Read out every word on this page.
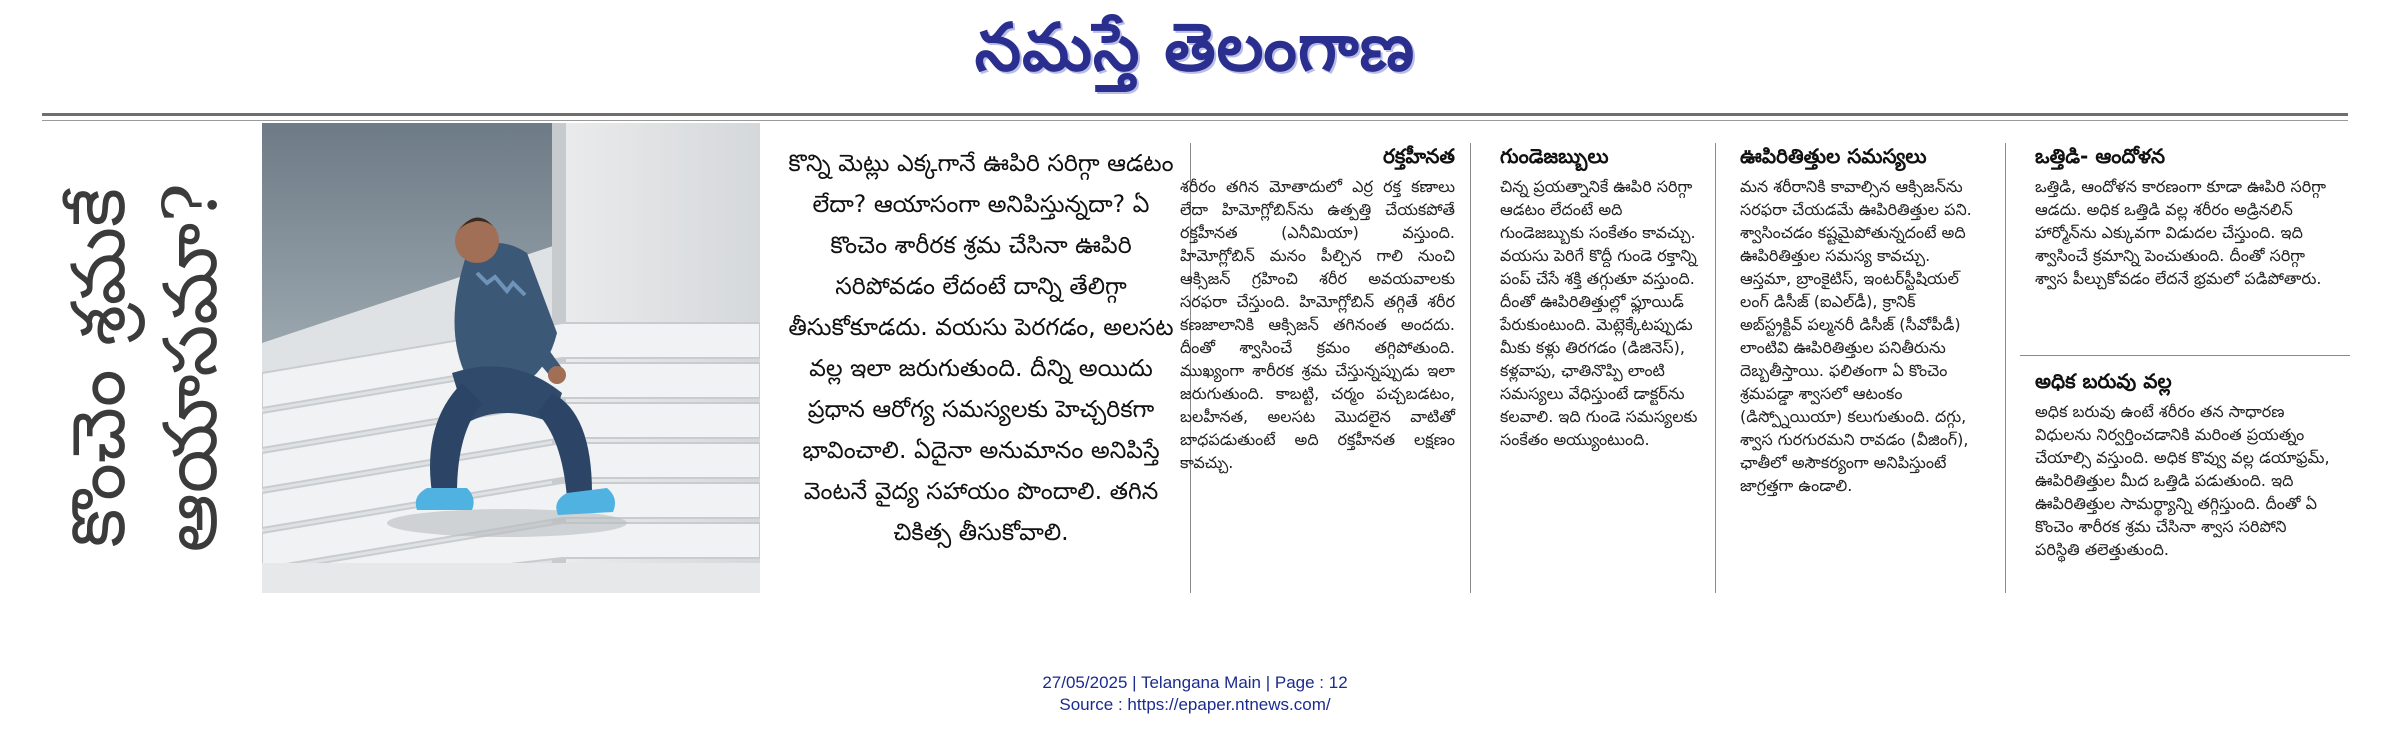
నమస్తే తెలంగాణ
కొంచెం శ్రమకే
ఆయాసమా?
కొన్ని మెట్లు ఎక్కగానే ఊపిరి సరిగ్గా ఆడటం లేదా? ఆయాసంగా అనిపిస్తున్నదా? ఏ కొంచెం శారీరక శ్రమ చేసినా ఊపిరి సరిపోవడం లేదంటే దాన్ని తేలిగ్గా తీసుకోకూడదు. వయసు పెరగడం, అలసట వల్ల ఇలా జరుగుతుంది. దీన్ని అయిదు ప్రధాన ఆరోగ్య సమస్యలకు హెచ్చరికగా భావించాలి. ఏదైనా అనుమానం అనిపిస్తే వెంటనే వైద్య సహాయం పొందాలి. తగిన చికిత్స తీసుకోవాలి.
రక్తహీనత

శరీరం తగిన మోతాదులో ఎర్ర రక్త కణాలు లేదా హిమోగ్లోబిన్‌ను ఉత్పత్తి చేయకపోతే రక్తహీనత (ఎనీమియా) వస్తుంది. హిమోగ్లోబిన్ మనం పీల్చిన గాలి నుంచి ఆక్సిజన్ గ్రహించి శరీర అవయవాలకు సరఫరా చేస్తుంది. హిమోగ్లోబిన్ తగ్గితే శరీర కణజాలానికి ఆక్సిజన్ తగినంత అందదు. దీంతో శ్వాసించే క్రమం తగ్గిపోతుంది. ముఖ్యంగా శారీరక శ్రమ చేస్తున్నప్పుడు ఇలా జరుగుతుంది. కాబట్టి, చర్మం పచ్చబడటం, బలహీనత, అలసట మొదలైన వాటితో బాధపడుతుంటే అది రక్తహీనత లక్షణం కావచ్చు.

గుండెజబ్బులు

చిన్న ప్రయత్నానికే ఊపిరి సరిగ్గా ఆడటం లేదంటే అది గుండెజబ్బుకు సంకేతం కావచ్చు. వయసు పెరిగే కొద్దీ గుండె రక్తాన్ని పంప్ చేసే శక్తి తగ్గుతూ వస్తుంది. దీంతో ఊపిరితిత్తుల్లో ఫ్లూయిడ్ పేరుకుంటుంది. మెట్లెక్కేటప్పుడు మీకు కళ్లు తిరగడం (డిజినెస్), కళ్లవాపు, ఛాతినొప్పి లాంటి సమస్యలు వేధిస్తుంటే డాక్టర్‌ను కలవాలి. ఇది గుండె సమస్యలకు సంకేతం అయ్యుంటుంది.

ఊపిరితిత్తుల సమస్యలు

మన శరీరానికి కావాల్సిన ఆక్సిజన్‌ను సరఫరా చేయడమే ఊపిరితిత్తుల పని. శ్వాసించడం కష్టమైపోతున్నదంటే అది ఊపిరితిత్తుల సమస్య కావచ్చు. ఆస్తమా, బ్రాంకైటిస్, ఇంటర్‌స్టీషియల్ లంగ్ డిసీజ్ (ఐఎల్‌డీ), క్రానిక్ అబ్‌స్ట్రక్టివ్ పల్మనరీ డిసీజ్ (సీవోపీడీ) లాంటివి ఊపిరితిత్తుల పనితీరును దెబ్బతీస్తాయి. ఫలితంగా ఏ కొంచెం శ్రమపడ్డా శ్వాసలో ఆటంకం (డిస్ప్నోయియా) కలుగుతుంది. దగ్గు, శ్వాస గురగురమని రావడం (వీజింగ్), ఛాతీలో అసౌకర్యంగా అనిపిస్తుంటే జాగ్రత్తగా ఉండాలి.

ఒత్తిడి- ఆందోళన

ఒత్తిడి, ఆందోళన కారణంగా కూడా ఊపిరి సరిగ్గా ఆడదు. అధిక ఒత్తిడి వల్ల శరీరం అడ్రినలిన్ హార్మోన్‌ను ఎక్కువగా విడుదల చేస్తుంది. ఇది శ్వాసించే క్రమాన్ని పెంచుతుంది. దీంతో సరిగ్గా శ్వాస పీల్చుకోవడం లేదనే భ్రమలో పడిపోతారు.

అధిక బరువు వల్ల

అధిక బరువు ఉంటే శరీరం తన సాధారణ విధులను నిర్వర్తించడానికి మరింత ప్రయత్నం చేయాల్సి వస్తుంది. అధిక కొవ్వు వల్ల డయాఫ్రమ్, ఊపిరితిత్తుల మీద ఒత్తిడి పడుతుంది. ఇది ఊపిరితిత్తుల సామర్థ్యాన్ని తగ్గిస్తుంది. దీంతో ఏ కొంచెం శారీరక శ్రమ చేసినా శ్వాస సరిపోని పరిస్థితి తలెత్తుతుంది.

27/05/2025 | Telangana Main | Page : 12
Source : https://epaper.ntnews.com/
